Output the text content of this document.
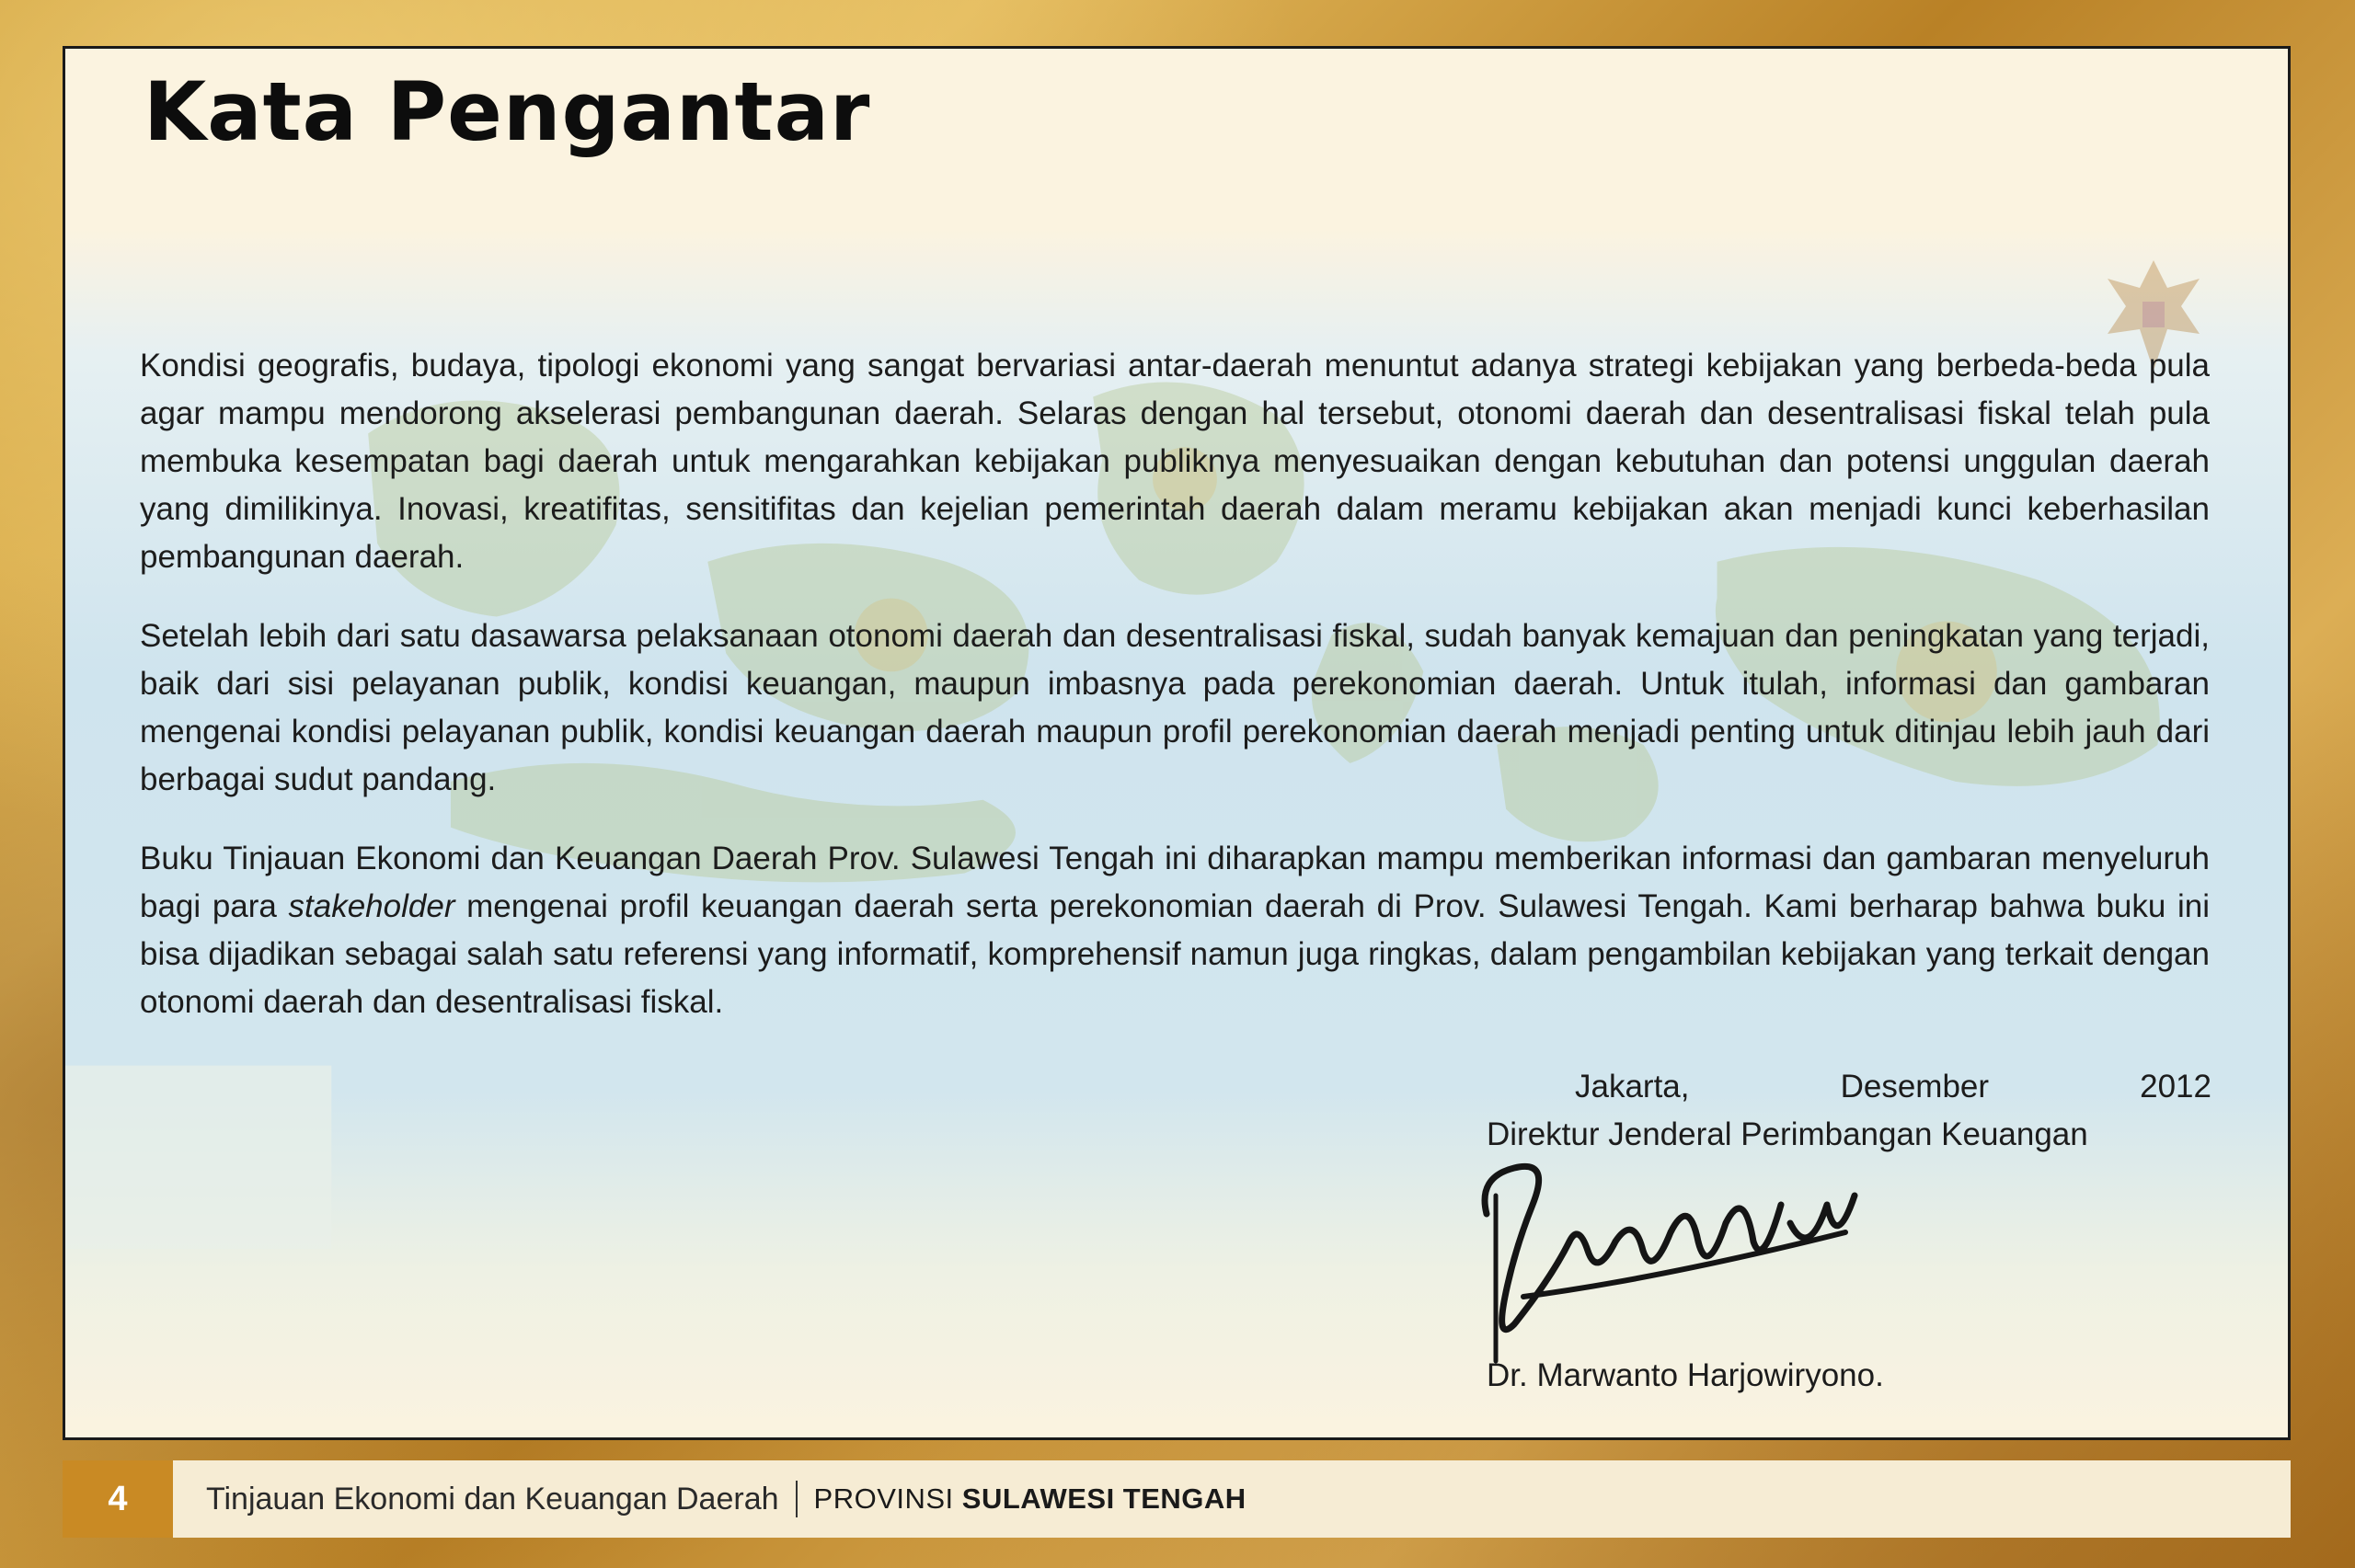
Kata Pengantar

Kondisi geografis, budaya, tipologi ekonomi yang sangat bervariasi antar-daerah menuntut adanya strategi kebijakan yang berbeda-beda pula agar mampu mendorong akselerasi pembangunan daerah. Selaras dengan hal tersebut, otonomi daerah dan desentralisasi fiskal telah pula membuka kesempatan bagi daerah untuk mengarahkan kebijakan publiknya menyesuaikan dengan kebutuhan dan potensi unggulan daerah yang dimilikinya. Inovasi, kreatifitas, sensitifitas dan kejelian pemerintah daerah dalam meramu kebijakan akan menjadi kunci keberhasilan pembangunan daerah.

Setelah lebih dari satu dasawarsa pelaksanaan otonomi daerah dan desentralisasi fiskal, sudah banyak kemajuan dan peningkatan yang terjadi, baik dari sisi pelayanan publik, kondisi keuangan, maupun imbasnya pada perekonomian daerah. Untuk itulah, informasi dan gambaran mengenai kondisi pelayanan publik, kondisi keuangan daerah maupun profil perekonomian daerah menjadi penting untuk ditinjau lebih jauh dari berbagai sudut pandang.

Buku Tinjauan Ekonomi dan Keuangan Daerah Prov. Sulawesi Tengah ini diharapkan mampu memberikan informasi dan gambaran menyeluruh bagi para stakeholder mengenai profil keuangan daerah serta perekonomian daerah di Prov. Sulawesi Tengah. Kami berharap bahwa buku ini bisa dijadikan sebagai salah satu referensi yang informatif, komprehensif namun juga ringkas, dalam pengambilan kebijakan yang terkait dengan otonomi daerah dan desentralisasi fiskal.

Jakarta,	Desember	2012
Direktur Jenderal Perimbangan Keuangan
Dr. Marwanto Harjowiryono.
4	Tinjauan Ekonomi dan Keuangan Daerah PROVINSI SULAWESI TENGAH
